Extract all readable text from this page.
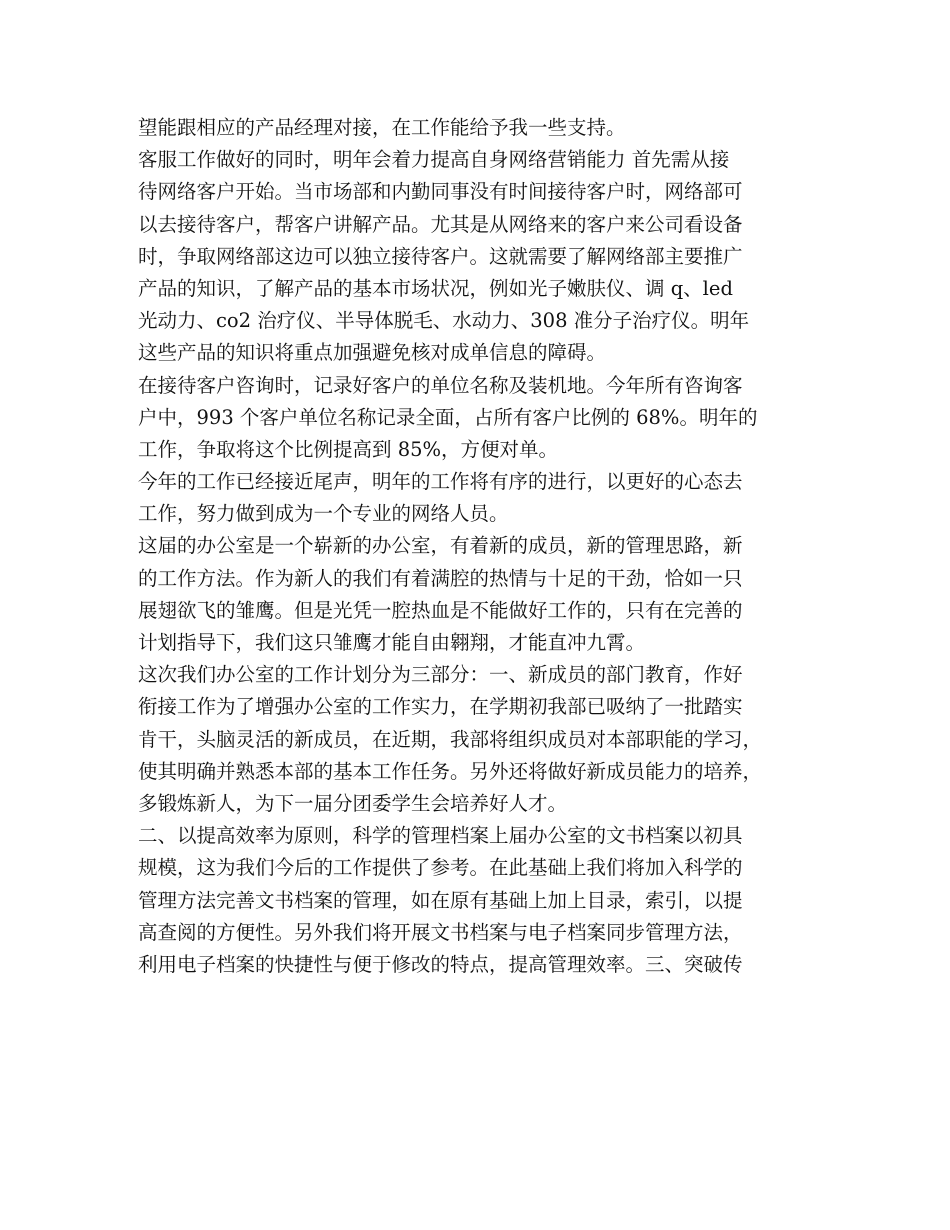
望能跟相应的产品经理对接，在工作能给予我一些支持。
客服工作做好的同时，明年会着力提高自身网络营销能力 首先需从接
待网络客户开始。当市场部和内勤同事没有时间接待客户时，网络部可
以去接待客户，帮客户讲解产品。尤其是从网络来的客户来公司看设备
时，争取网络部这边可以独立接待客户。这就需要了解网络部主要推广
产品的知识，了解产品的基本市场状况，例如光子嫩肤仪、调 q、led
光动力、co2 治疗仪、半导体脱毛、水动力、308 准分子治疗仪。明年
这些产品的知识将重点加强避免核对成单信息的障碍。
在接待客户咨询时，记录好客户的单位名称及装机地。今年所有咨询客
户中，993 个客户单位名称记录全面，占所有客户比例的 68%。明年的
工作，争取将这个比例提高到 85%，方便对单。
今年的工作已经接近尾声，明年的工作将有序的进行，以更好的心态去
工作，努力做到成为一个专业的网络人员。
这届的办公室是一个崭新的办公室，有着新的成员，新的管理思路，新
的工作方法。作为新人的我们有着满腔的热情与十足的干劲，恰如一只
展翅欲飞的雏鹰。但是光凭一腔热血是不能做好工作的，只有在完善的
计划指导下，我们这只雏鹰才能自由翱翔，才能直冲九霄。
这次我们办公室的工作计划分为三部分：一、新成员的部门教育，作好
衔接工作为了增强办公室的工作实力，在学期初我部已吸纳了一批踏实
肯干，头脑灵活的新成员，在近期，我部将组织成员对本部职能的学习，
使其明确并熟悉本部的基本工作任务。另外还将做好新成员能力的培养，
多锻炼新人，为下一届分团委学生会培养好人才。
二、以提高效率为原则，科学的管理档案上届办公室的文书档案以初具
规模，这为我们今后的工作提供了参考。在此基础上我们将加入科学的
管理方法完善文书档案的管理，如在原有基础上加上目录，索引，以提
高查阅的方便性。另外我们将开展文书档案与电子档案同步管理方法，
利用电子档案的快捷性与便于修改的特点，提高管理效率。三、突破传
